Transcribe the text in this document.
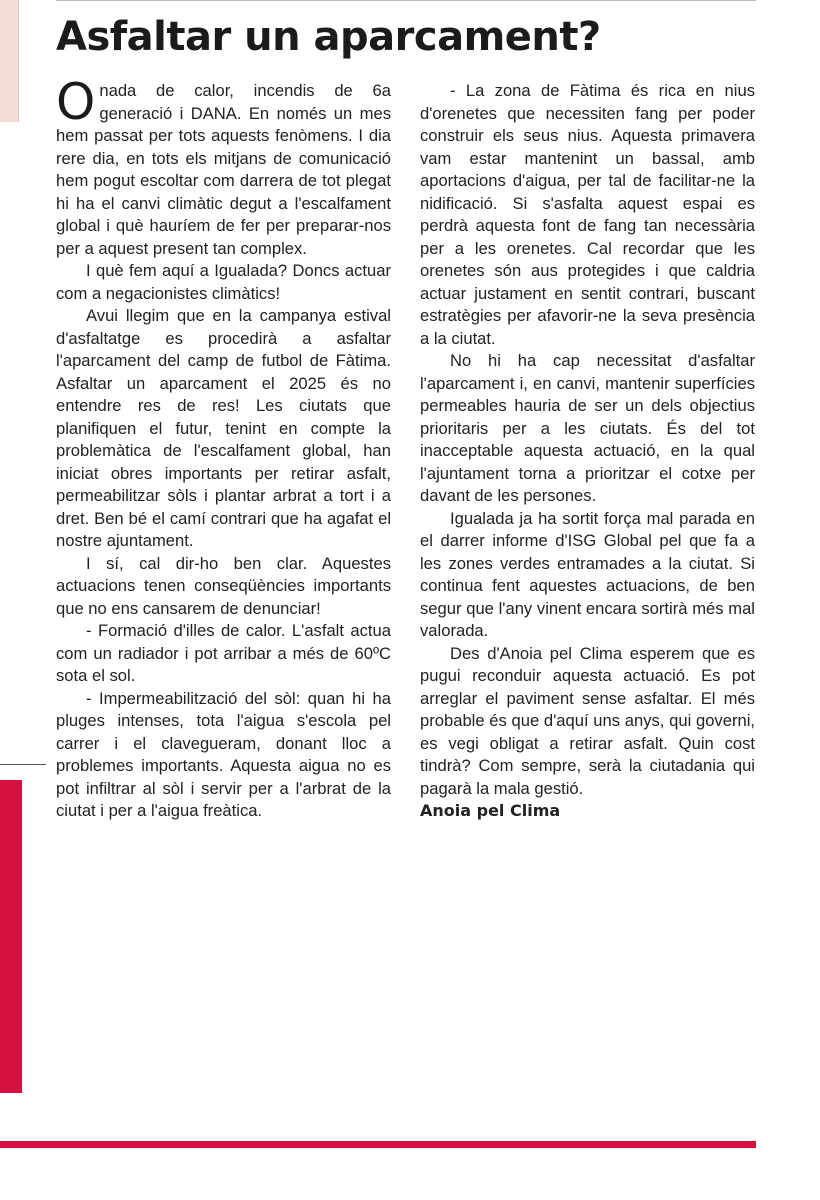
Asfaltar un aparcament?

Onada de calor, incendis de 6a generació i DANA. En només un mes hem passat per tots aquests fenòmens. I dia rere dia, en tots els mitjans de comunicació hem pogut escoltar com darrera de tot plegat hi ha el canvi climàtic degut a l'escalfament global i què hauríem de fer per preparar-nos per a aquest present tan complex.

I què fem aquí a Igualada? Doncs actuar com a negacionistes climàtics!

Avui llegim que en la campanya estival d'asfaltatge es procedirà a asfaltar l'aparcament del camp de futbol de Fàtima. Asfaltar un aparcament el 2025 és no entendre res de res! Les ciutats que planifiquen el futur, tenint en compte la problemàtica de l'escalfament global, han iniciat obres importants per retirar asfalt, permeabilitzar sòls i plantar arbrat a tort i a dret. Ben bé el camí contrari que ha agafat el nostre ajuntament.

I sí, cal dir-ho ben clar. Aquestes actuacions tenen conseqüències importants que no ens cansarem de denunciar!

- Formació d'illes de calor. L'asfalt actua com un radiador i pot arribar a més de 60ºC sota el sol.

- Impermeabilització del sòl: quan hi ha pluges intenses, tota l'aigua s'escola pel carrer i el clavegueram, donant lloc a problemes importants. Aquesta aigua no es pot infiltrar al sòl i servir per a l'arbrat de la ciutat i per a l'aigua freàtica.

- La zona de Fàtima és rica en nius d'orenetes que necessiten fang per poder construir els seus nius. Aquesta primavera vam estar mantenint un bassal, amb aportacions d'aigua, per tal de facilitar-ne la nidificació. Si s'asfalta aquest espai es perdrà aquesta font de fang tan necessària per a les orenetes. Cal recordar que les orenetes són aus protegides i que caldria actuar justament en sentit contrari, buscant estratègies per afavorir-ne la seva presència a la ciutat.

No hi ha cap necessitat d'asfaltar l'aparcament i, en canvi, mantenir superfícies permeables hauria de ser un dels objectius prioritaris per a les ciutats. És del tot inacceptable aquesta actuació, en la qual l'ajuntament torna a prioritzar el cotxe per davant de les persones.

Igualada ja ha sortit força mal parada en el darrer informe d'ISG Global pel que fa a les zones verdes entramades a la ciutat. Si continua fent aquestes actuacions, de ben segur que l'any vinent encara sortirà més mal valorada.

Des d'Anoia pel Clima esperem que es pugui reconduir aquesta actuació. Es pot arreglar el paviment sense asfaltar. El més probable és que d'aquí uns anys, qui governi, es vegi obligat a retirar asfalt. Quin cost tindrà? Com sempre, serà la ciutadania qui pagarà la mala gestió.

Anoia pel Clima
